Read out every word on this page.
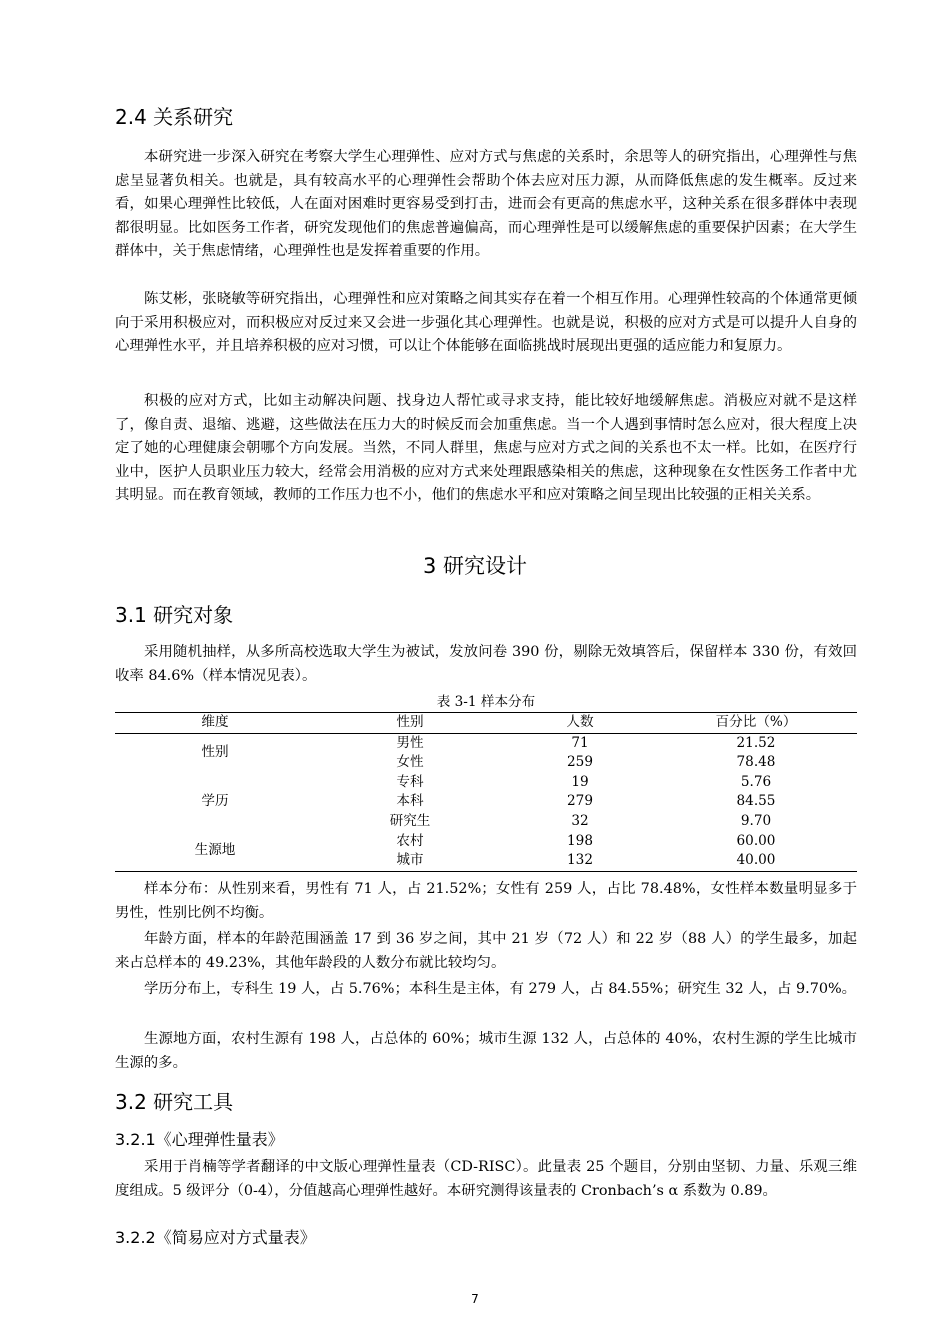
2.4 关系研究

本研究进一步深入研究在考察大学生心理弹性、应对方式与焦虑的关系时，余思等人的研究指出，心理弹性与焦虑呈显著负相关。也就是，具有较高水平的心理弹性会帮助个体去应对压力源，从而降低焦虑的发生概率。反过来看，如果心理弹性比较低，人在面对困难时更容易受到打击，进而会有更高的焦虑水平，这种关系在很多群体中表现都很明显。比如医务工作者，研究发现他们的焦虑普遍偏高，而心理弹性是可以缓解焦虑的重要保护因素；在大学生群体中，关于焦虑情绪，心理弹性也是发挥着重要的作用。

陈艾彬，张晓敏等研究指出，心理弹性和应对策略之间其实存在着一个相互作用。心理弹性较高的个体通常更倾向于采用积极应对，而积极应对反过来又会进一步强化其心理弹性。也就是说，积极的应对方式是可以提升人自身的心理弹性水平，并且培养积极的应对习惯，可以让个体能够在面临挑战时展现出更强的适应能力和复原力。

积极的应对方式，比如主动解决问题、找身边人帮忙或寻求支持，能比较好地缓解焦虑。消极应对就不是这样了，像自责、退缩、逃避，这些做法在压力大的时候反而会加重焦虑。当一个人遇到事情时怎么应对，很大程度上决定了她的心理健康会朝哪个方向发展。当然，不同人群里，焦虑与应对方式之间的关系也不太一样。比如，在医疗行业中，医护人员职业压力较大，经常会用消极的应对方式来处理跟感染相关的焦虑，这种现象在女性医务工作者中尤其明显。而在教育领域，教师的工作压力也不小，他们的焦虑水平和应对策略之间呈现出比较强的正相关关系。

3 研究设计
3.1 研究对象

采用随机抽样，从多所高校选取大学生为被试，发放问卷 390 份，剔除无效填答后，保留样本 330 份，有效回收率 84.6%（样本情况见表）。

表 3-1 样本分布
维度	性别	人数	百分比（%）
性别	男性	71	21.52
	女性	259	78.48
学历	专科	19	5.76
	本科	279	84.55
	研究生	32	9.70
生源地	农村	198	60.00
	城市	132	40.00

样本分布：从性别来看，男性有 71 人，占 21.52%；女性有 259 人，占比 78.48%，女性样本数量明显多于男性，性别比例不均衡。

年龄方面，样本的年龄范围涵盖 17 到 36 岁之间，其中 21 岁（72 人）和 22 岁（88 人）的学生最多，加起来占总样本的 49.23%，其他年龄段的人数分布就比较均匀。

学历分布上，专科生 19 人，占 5.76%；本科生是主体，有 279 人，占 84.55%；研究生 32 人，占 9.70%。

生源地方面，农村生源有 198 人，占总体的 60%；城市生源 132 人，占总体的 40%，农村生源的学生比城市生源的多。

3.2 研究工具
3.2.1《心理弹性量表》

采用于肖楠等学者翻译的中文版心理弹性量表（CD-RISC）。此量表 25 个题目，分别由坚韧、力量、乐观三维度组成。5 级评分（0-4），分值越高心理弹性越好。本研究测得该量表的 Cronbach’s α 系数为 0.89。

3.2.2《简易应对方式量表》
7
